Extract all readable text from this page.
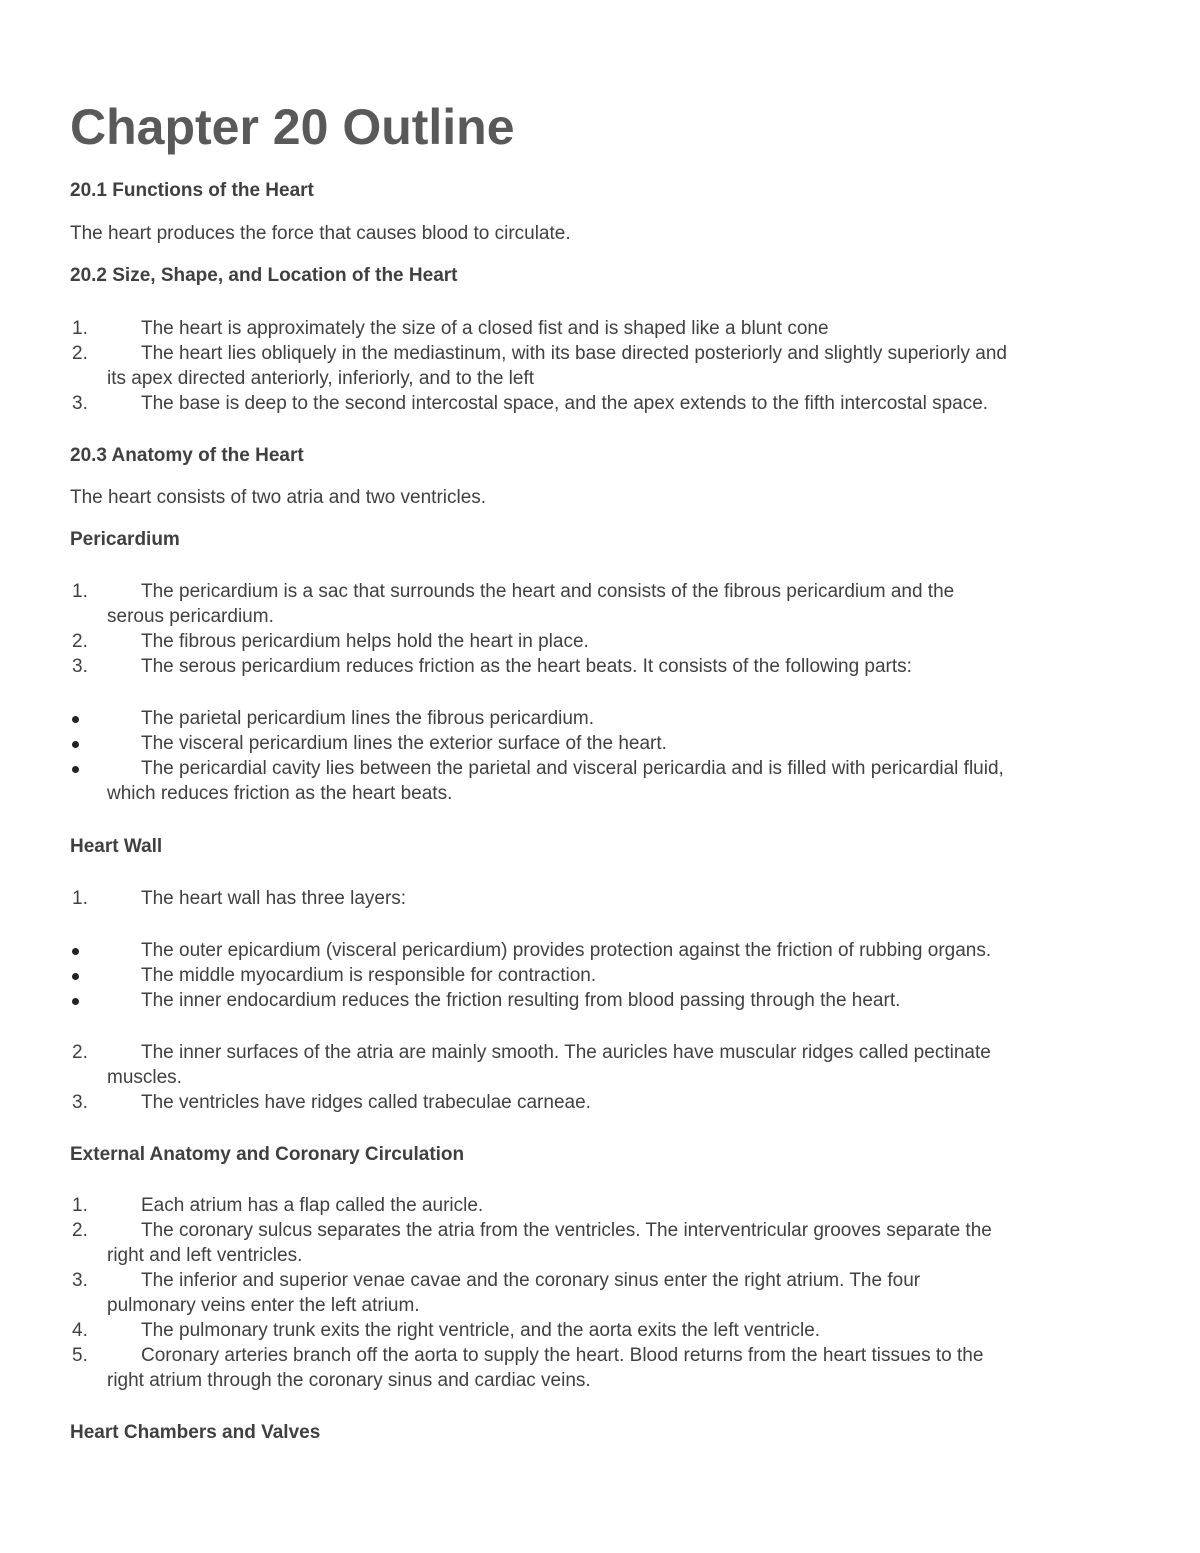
Chapter 20 Outline
20.1 Functions of the Heart

The heart produces the force that causes blood to circulate.

20.2 Size, Shape, and Location of the Heart
1.	The heart is approximately the size of a closed fist and is shaped like a blunt cone
2.	The heart lies obliquely in the mediastinum, with its base directed posteriorly and slightly superiorly and
its apex directed anteriorly, inferiorly, and to the left
3.	The base is deep to the second intercostal space, and the apex extends to the fifth intercostal space.
20.3 Anatomy of the Heart

The heart consists of two atria and two ventricles.

Pericardium
1.	The pericardium is a sac that surrounds the heart and consists of the fibrous pericardium and the
serous pericardium.
2.	The fibrous pericardium helps hold the heart in place.
3.	The serous pericardium reduces friction as the heart beats. It consists of the following parts:
The parietal pericardium lines the fibrous pericardium.
The visceral pericardium lines the exterior surface of the heart.
The pericardial cavity lies between the parietal and visceral pericardia and is filled with pericardial fluid,
which reduces friction as the heart beats.
Heart Wall
1.	The heart wall has three layers:
The outer epicardium (visceral pericardium) provides protection against the friction of rubbing organs.
The middle myocardium is responsible for contraction.
The inner endocardium reduces the friction resulting from blood passing through the heart.
2.	The inner surfaces of the atria are mainly smooth. The auricles have muscular ridges called pectinate
muscles.
3.	The ventricles have ridges called trabeculae carneae.
External Anatomy and Coronary Circulation
1.	Each atrium has a flap called the auricle.
2.	The coronary sulcus separates the atria from the ventricles. The interventricular grooves separate the
right and left ventricles.
3.	The inferior and superior venae cavae and the coronary sinus enter the right atrium. The four
pulmonary veins enter the left atrium.
4.	The pulmonary trunk exits the right ventricle, and the aorta exits the left ventricle.
5.	Coronary arteries branch off the aorta to supply the heart. Blood returns from the heart tissues to the
right atrium through the coronary sinus and cardiac veins.
Heart Chambers and Valves
